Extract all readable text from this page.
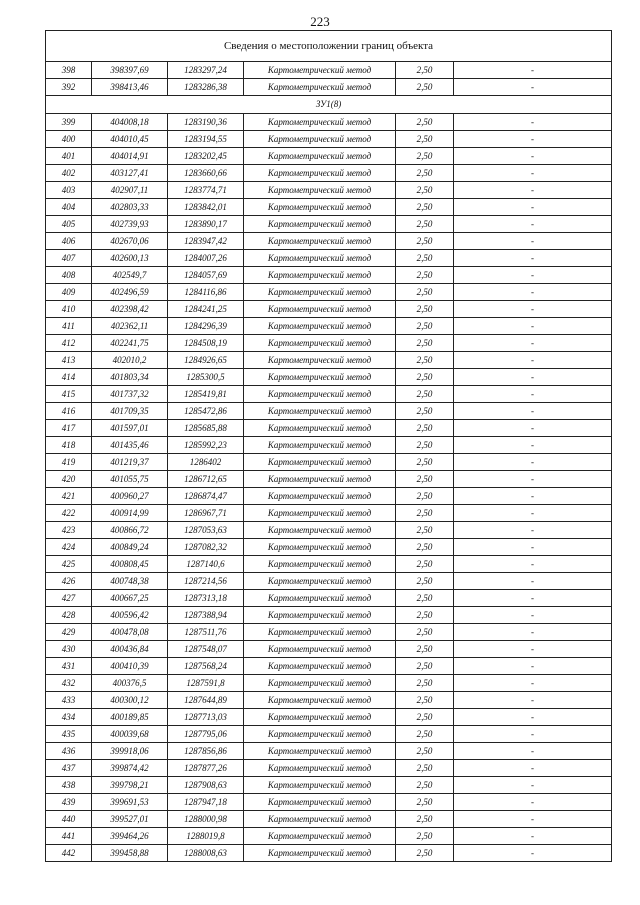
223
Сведения о местоположении границ объекта					
398	398397,69	1283297,24	Картометрический метод	2,50	-
392	398413,46	1283286,38	Картометрический метод	2,50	-
ЗУ1(8)					
399	404008,18	1283190,36	Картометрический метод	2,50	-
400	404010,45	1283194,55	Картометрический метод	2,50	-
401	404014,91	1283202,45	Картометрический метод	2,50	-
402	403127,41	1283660,66	Картометрический метод	2,50	-
403	402907,11	1283774,71	Картометрический метод	2,50	-
404	402803,33	1283842,01	Картометрический метод	2,50	-
405	402739,93	1283890,17	Картометрический метод	2,50	-
406	402670,06	1283947,42	Картометрический метод	2,50	-
407	402600,13	1284007,26	Картометрический метод	2,50	-
408	402549,7	1284057,69	Картометрический метод	2,50	-
409	402496,59	1284116,86	Картометрический метод	2,50	-
410	402398,42	1284241,25	Картометрический метод	2,50	-
411	402362,11	1284296,39	Картометрический метод	2,50	-
412	402241,75	1284508,19	Картометрический метод	2,50	-
413	402010,2	1284926,65	Картометрический метод	2,50	-
414	401803,34	1285300,5	Картометрический метод	2,50	-
415	401737,32	1285419,81	Картометрический метод	2,50	-
416	401709,35	1285472,86	Картометрический метод	2,50	-
417	401597,01	1285685,88	Картометрический метод	2,50	-
418	401435,46	1285992,23	Картометрический метод	2,50	-
419	401219,37	1286402	Картометрический метод	2,50	-
420	401055,75	1286712,65	Картометрический метод	2,50	-
421	400960,27	1286874,47	Картометрический метод	2,50	-
422	400914,99	1286967,71	Картометрический метод	2,50	-
423	400866,72	1287053,63	Картометрический метод	2,50	-
424	400849,24	1287082,32	Картометрический метод	2,50	-
425	400808,45	1287140,6	Картометрический метод	2,50	-
426	400748,38	1287214,56	Картометрический метод	2,50	-
427	400667,25	1287313,18	Картометрический метод	2,50	-
428	400596,42	1287388,94	Картометрический метод	2,50	-
429	400478,08	1287511,76	Картометрический метод	2,50	-
430	400436,84	1287548,07	Картометрический метод	2,50	-
431	400410,39	1287568,24	Картометрический метод	2,50	-
432	400376,5	1287591,8	Картометрический метод	2,50	-
433	400300,12	1287644,89	Картометрический метод	2,50	-
434	400189,85	1287713,03	Картометрический метод	2,50	-
435	400039,68	1287795,06	Картометрический метод	2,50	-
436	399918,06	1287856,86	Картометрический метод	2,50	-
437	399874,42	1287877,26	Картометрический метод	2,50	-
438	399798,21	1287908,63	Картометрический метод	2,50	-
439	399691,53	1287947,18	Картометрический метод	2,50	-
440	399527,01	1288000,98	Картометрический метод	2,50	-
441	399464,26	1288019,8	Картометрический метод	2,50	-
442	399458,88	1288008,63	Картометрический метод	2,50	-
